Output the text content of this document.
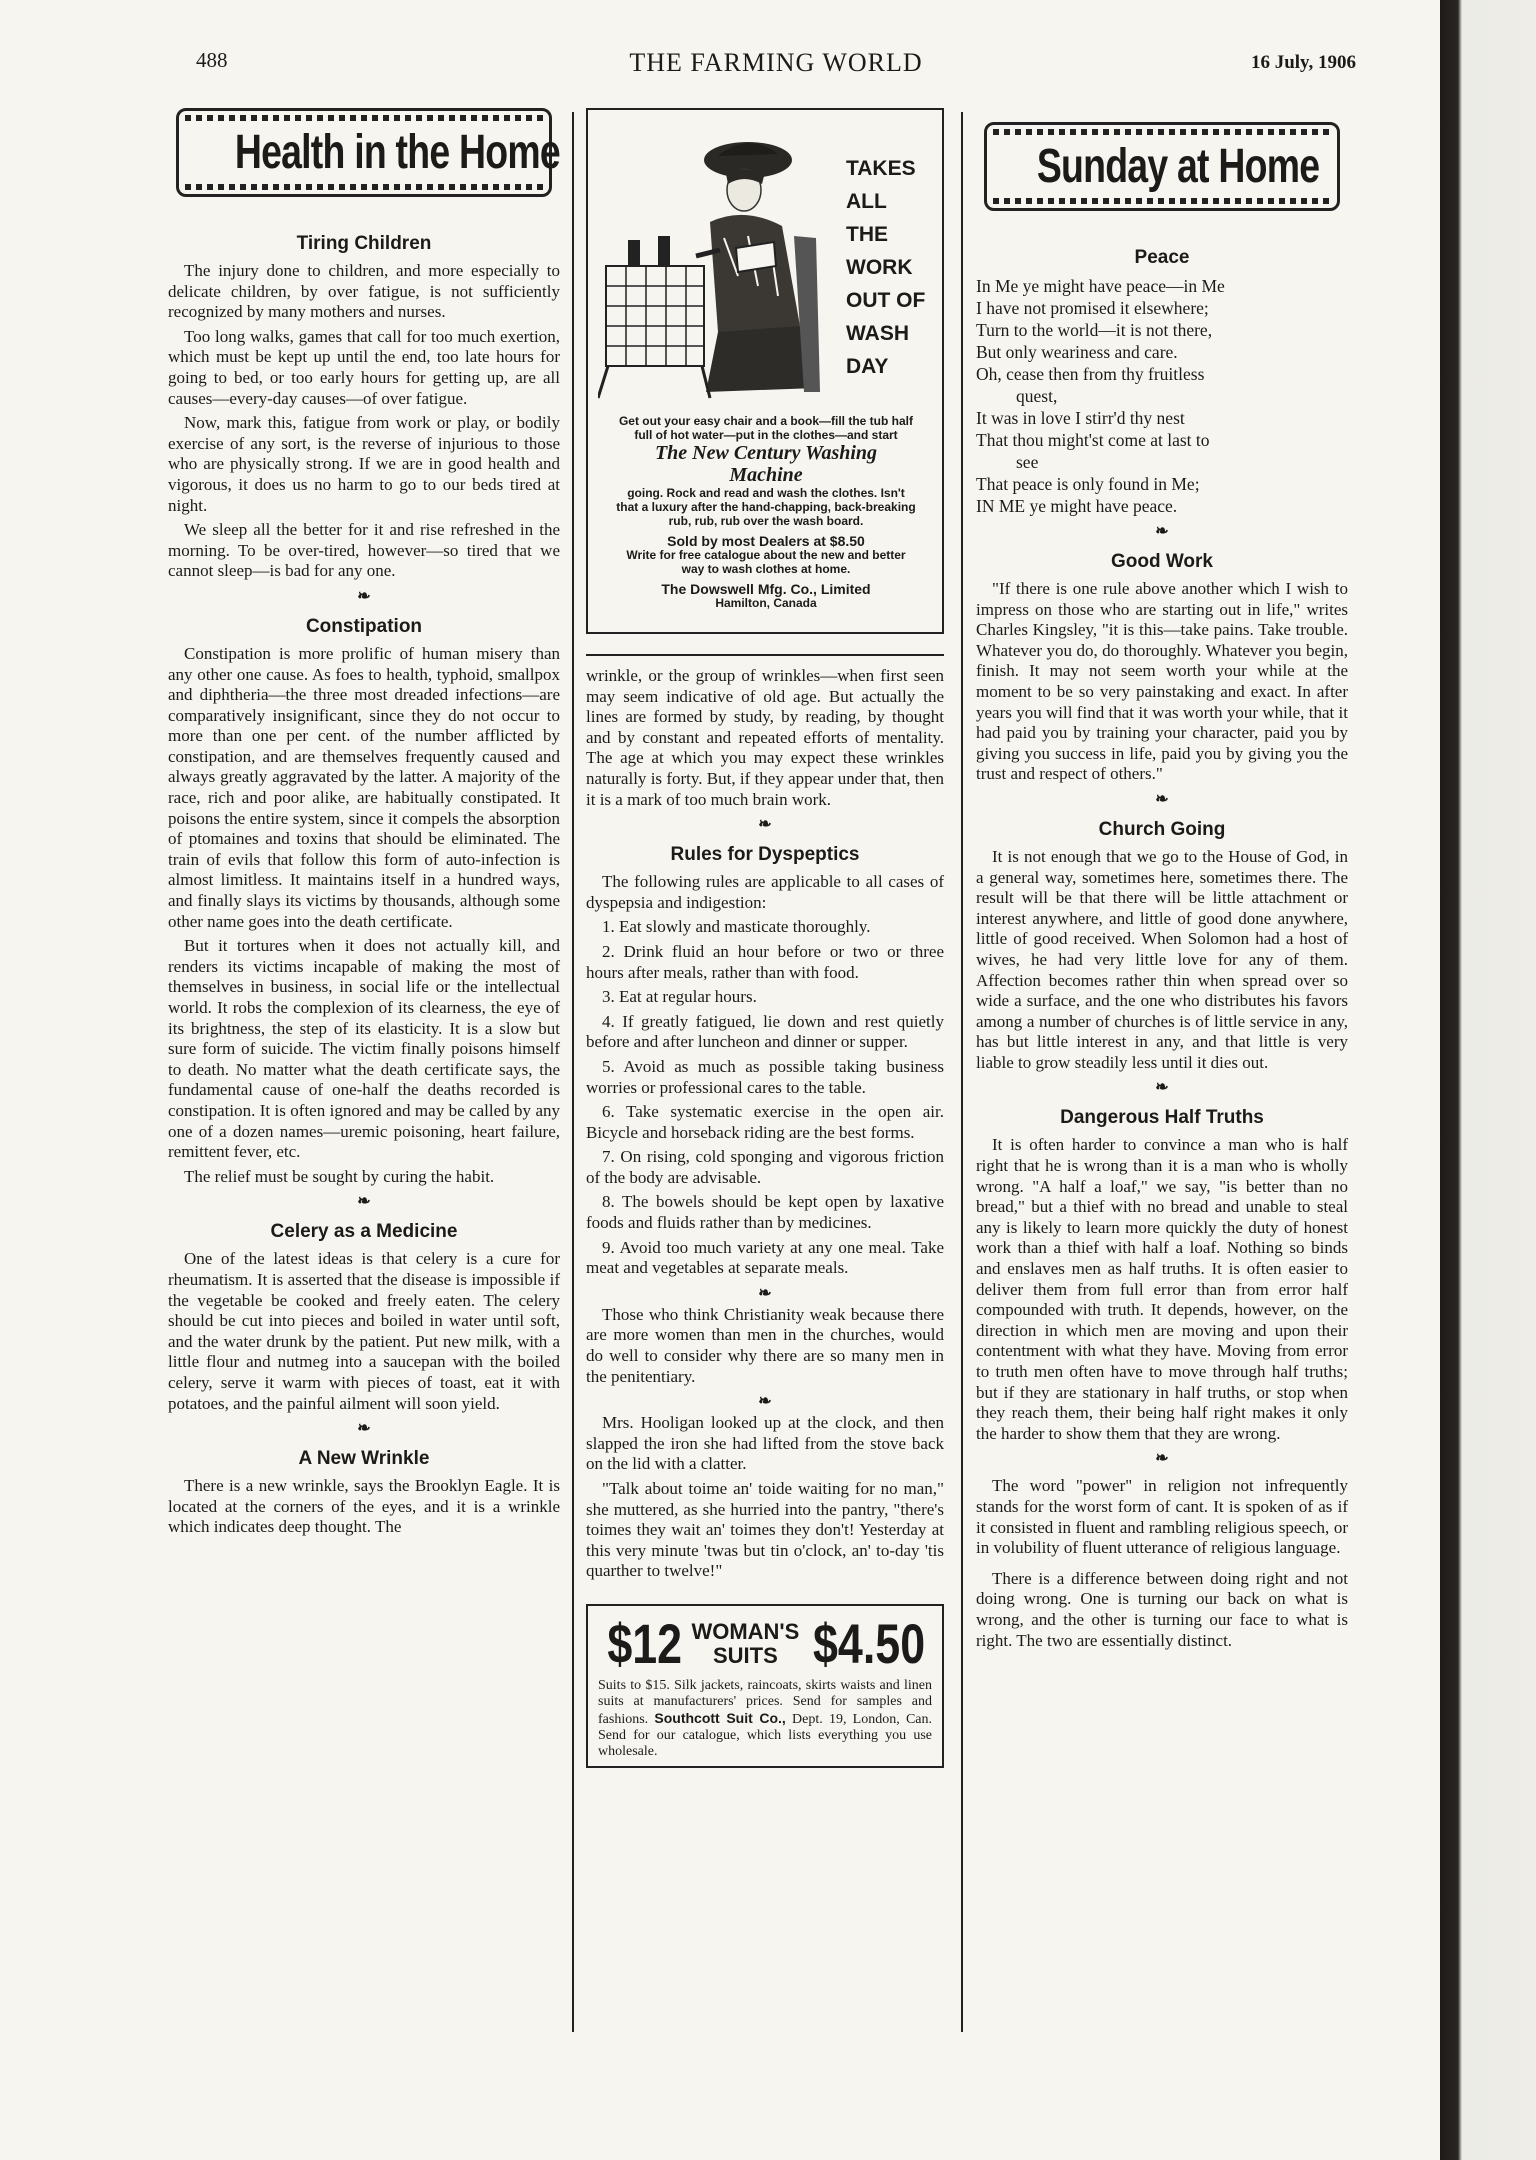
488	THE FARMING WORLD	16 July, 1906
Health in the Home
Tiring Children

The injury done to children, and more especially to delicate children, by over fatigue, is not sufficiently recognized by many mothers and nurses.

Too long walks, games that call for too much exertion, which must be kept up until the end, too late hours for going to bed, or too early hours for getting up, are all causes—every-day causes—of over fatigue.

Now, mark this, fatigue from work or play, or bodily exercise of any sort, is the reverse of injurious to those who are physically strong. If we are in good health and vigorous, it does us no harm to go to our beds tired at night.

We sleep all the better for it and rise refreshed in the morning. To be over-tired, however—so tired that we cannot sleep—is bad for any one.

❧
Constipation

Constipation is more prolific of human misery than any other one cause. As foes to health, typhoid, smallpox and diphtheria—the three most dreaded infections—are comparatively insignificant, since they do not occur to more than one per cent. of the number afflicted by constipation, and are themselves frequently caused and always greatly aggravated by the latter. A majority of the race, rich and poor alike, are habitually constipated. It poisons the entire system, since it compels the absorption of ptomaines and toxins that should be eliminated. The train of evils that follow this form of auto-infection is almost limitless. It maintains itself in a hundred ways, and finally slays its victims by thousands, although some other name goes into the death certificate.

But it tortures when it does not actually kill, and renders its victims incapable of making the most of themselves in business, in social life or the intellectual world. It robs the complexion of its clearness, the eye of its brightness, the step of its elasticity. It is a slow but sure form of suicide. The victim finally poisons himself to death. No matter what the death certificate says, the fundamental cause of one-half the deaths recorded is constipation. It is often ignored and may be called by any one of a dozen names—uremic poisoning, heart failure, remittent fever, etc.

The relief must be sought by curing the habit.

❧
Celery as a Medicine

One of the latest ideas is that celery is a cure for rheumatism. It is asserted that the disease is impossible if the vegetable be cooked and freely eaten. The celery should be cut into pieces and boiled in water until soft, and the water drunk by the patient. Put new milk, with a little flour and nutmeg into a saucepan with the boiled celery, serve it warm with pieces of toast, eat it with potatoes, and the painful ailment will soon yield.

❧
A New Wrinkle

There is a new wrinkle, says the Brooklyn Eagle. It is located at the corners of the eyes, and it is a wrinkle which indicates deep thought. The

TAKES
ALL
THE
WORK
OUT OF
WASH
DAY
Get out your easy chair and a book—fill the tub half full of hot water—put in the clothes—and start
The New Century Washing Machine
going. Rock and read and wash the clothes. Isn't that a luxury after the hand-chapping, back-breaking rub, rub, rub over the wash board.
Sold by most Dealers at $8.50
Write for free catalogue about the new and better way to wash clothes at home.
The Dowswell Mfg. Co., Limited
Hamilton, Canada

wrinkle, or the group of wrinkles—when first seen may seem indicative of old age. But actually the lines are formed by study, by reading, by thought and by constant and repeated efforts of mentality. The age at which you may expect these wrinkles naturally is forty. But, if they appear under that, then it is a mark of too much brain work.

❧
Rules for Dyspeptics

The following rules are applicable to all cases of dyspepsia and indigestion:

1. Eat slowly and masticate thoroughly.

2. Drink fluid an hour before or two or three hours after meals, rather than with food.

3. Eat at regular hours.

4. If greatly fatigued, lie down and rest quietly before and after luncheon and dinner or supper.

5. Avoid as much as possible taking business worries or professional cares to the table.

6. Take systematic exercise in the open air. Bicycle and horseback riding are the best forms.

7. On rising, cold sponging and vigorous friction of the body are advisable.

8. The bowels should be kept open by laxative foods and fluids rather than by medicines.

9. Avoid too much variety at any one meal. Take meat and vegetables at separate meals.

❧

Those who think Christianity weak because there are more women than men in the churches, would do well to consider why there are so many men in the penitentiary.

❧

Mrs. Hooligan looked up at the clock, and then slapped the iron she had lifted from the stove back on the lid with a clatter.

"Talk about toime an' toide waiting for no man," she muttered, as she hurried into the pantry, "there's toimes they wait an' toimes they don't! Yesterday at this very minute 'twas but tin o'clock, an' to-day 'tis quarther to twelve!"

$12 WOMAN'S
SUITS $4.50
Suits to $15. Silk jackets, raincoats, skirts waists and linen suits at manufacturers' prices. Send for samples and fashions. Southcott Suit Co., Dept. 19, London, Can. Send for our catalogue, which lists everything you use wholesale.
Sunday at Home
Peace
In Me ye might have peace—in Me
I have not promised it elsewhere;
Turn to the world—it is not there,
But only weariness and care.
Oh, cease then from thy fruitless
quest,
It was in love I stirr'd thy nest
That thou might'st come at last to
see
That peace is only found in Me;
IN ME ye might have peace.
❧
Good Work

"If there is one rule above another which I wish to impress on those who are starting out in life," writes Charles Kingsley, "it is this—take pains. Take trouble. Whatever you do, do thoroughly. Whatever you begin, finish. It may not seem worth your while at the moment to be so very painstaking and exact. In after years you will find that it was worth your while, that it had paid you by training your character, paid you by giving you success in life, paid you by giving you the trust and respect of others."

❧
Church Going

It is not enough that we go to the House of God, in a general way, sometimes here, sometimes there. The result will be that there will be little attachment or interest anywhere, and little of good done anywhere, little of good received. When Solomon had a host of wives, he had very little love for any of them. Affection becomes rather thin when spread over so wide a surface, and the one who distributes his favors among a number of churches is of little service in any, has but little interest in any, and that little is very liable to grow steadily less until it dies out.

❧
Dangerous Half Truths

It is often harder to convince a man who is half right that he is wrong than it is a man who is wholly wrong. "A half a loaf," we say, "is better than no bread," but a thief with no bread and unable to steal any is likely to learn more quickly the duty of honest work than a thief with half a loaf. Nothing so binds and enslaves men as half truths. It is often easier to deliver them from full error than from error half compounded with truth. It depends, however, on the direction in which men are moving and upon their contentment with what they have. Moving from error to truth men often have to move through half truths; but if they are stationary in half truths, or stop when they reach them, their being half right makes it only the harder to show them that they are wrong.

❧

The word "power" in religion not infrequently stands for the worst form of cant. It is spoken of as if it consisted in fluent and rambling religious speech, or in volubility of fluent utterance of religious language.

There is a difference between doing right and not doing wrong. One is turning our back on what is wrong, and the other is turning our face to what is right. The two are essentially distinct.
